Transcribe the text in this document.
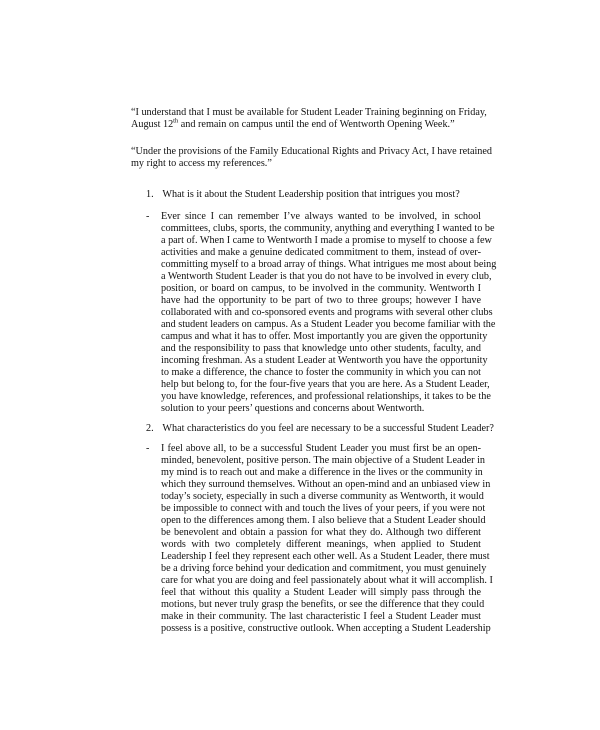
“I understand that I must be available for Student Leader Training beginning on Friday,
August 12th and remain on campus until the end of Wentworth Opening Week.”

“Under the provisions of the Family Educational Rights and Privacy Act, I have retained
my right to access my references.”

1. What is it about the Student Leadership position that intrigues you most?

- Ever since I can remember I’ve always wanted to be involved, in school
committees, clubs, sports, the community, anything and everything I wanted to be
a part of. When I came to Wentworth I made a promise to myself to choose a few
activities and make a genuine dedicated commitment to them, instead of over-
committing myself to a broad array of things. What intrigues me most about being
a Wentworth Student Leader is that you do not have to be involved in every club,
position, or board on campus, to be involved in the community. Wentworth I
have had the opportunity to be part of two to three groups; however I have
collaborated with and co-sponsored events and programs with several other clubs
and student leaders on campus. As a Student Leader you become familiar with the
campus and what it has to offer. Most importantly you are given the opportunity
and the responsibility to pass that knowledge unto other students, faculty, and
incoming freshman. As a student Leader at Wentworth you have the opportunity
to make a difference, the chance to foster the community in which you can not
help but belong to, for the four-five years that you are here. As a Student Leader,
you have knowledge, references, and professional relationships, it takes to be the
solution to your peers’ questions and concerns about Wentworth.

2. What characteristics do you feel are necessary to be a successful Student Leader?

- I feel above all, to be a successful Student Leader you must first be an open-
minded, benevolent, positive person. The main objective of a Student Leader in
my mind is to reach out and make a difference in the lives or the community in
which they surround themselves. Without an open-mind and an unbiased view in
today’s society, especially in such a diverse community as Wentworth, it would
be impossible to connect with and touch the lives of your peers, if you were not
open to the differences among them. I also believe that a Student Leader should
be benevolent and obtain a passion for what they do. Although two different
words with two completely different meanings, when applied to Student
Leadership I feel they represent each other well. As a Student Leader, there must
be a driving force behind your dedication and commitment, you must genuinely
care for what you are doing and feel passionately about what it will accomplish. I
feel that without this quality a Student Leader will simply pass through the
motions, but never truly grasp the benefits, or see the difference that they could
make in their community. The last characteristic I feel a Student Leader must
possess is a positive, constructive outlook. When accepting a Student Leadership
